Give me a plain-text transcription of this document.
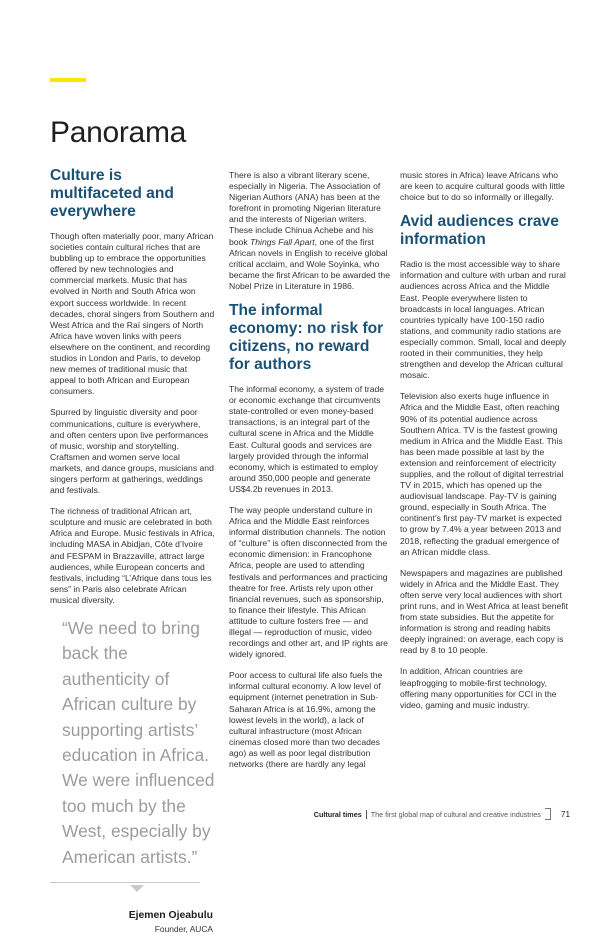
Panorama
Culture is multifaceted and everywhere

Though often materially poor, many African societies contain cultural riches that are bubbling up to embrace the opportunities offered by new technologies and commercial markets. Music that has evolved in North and South Africa won export success worldwide. In recent decades, choral singers from Southern and West Africa and the Raï singers of North Africa have woven links with peers elsewhere on the continent, and recording studios in London and Paris, to develop new memes of traditional music that appeal to both African and European consumers.

Spurred by linguistic diversity and poor communications, culture is everywhere, and often centers upon live performances of music, worship and storytelling. Craftsmen and women serve local markets, and dance groups, musicians and singers perform at gatherings, weddings and festivals.

The richness of traditional African art, sculpture and music are celebrated in both Africa and Europe. Music festivals in Africa, including MASA in Abidjan, Côte d’Ivoire and FESPAM in Brazzaville, attract large audiences, while European concerts and festivals, including “L’Afrique dans tous les sens” in Paris also celebrate African musical diversity.

“We need to bring back the authenticity of African culture by supporting artists’ education in Africa. We were influenced too much by the West, especially by American artists.”
Ejemen Ojeabulu
Founder, AUCA

There is also a vibrant literary scene, especially in Nigeria. The Association of Nigerian Authors (ANA) has been at the forefront in promoting Nigerian literature and the interests of Nigerian writers. These include Chinua Achebe and his book Things Fall Apart, one of the first African novels in English to receive global critical acclaim, and Wole Soyinka, who became the first African to be awarded the Nobel Prize in Literature in 1986.

The informal economy: no risk for citizens, no reward for authors

The informal economy, a system of trade or economic exchange that circumvents state-controlled or even money-based transactions, is an integral part of the cultural scene in Africa and the Middle East. Cultural goods and services are largely provided through the informal economy, which is estimated to employ around 350,000 people and generate US$4.2b revenues in 2013.

The way people understand culture in Africa and the Middle East reinforces informal distribution channels. The notion of “culture” is often disconnected from the economic dimension: in Francophone Africa, people are used to attending festivals and performances and practicing theatre for free. Artists rely upon other financial revenues, such as sponsorship, to finance their lifestyle. This African attitude to culture fosters free — and illegal — reproduction of music, video recordings and other art, and IP rights are widely ignored.

Poor access to cultural life also fuels the informal cultural economy. A low level of equipment (internet penetration in Sub-Saharan Africa is at 16.9%, among the lowest levels in the world), a lack of cultural infrastructure (most African cinemas closed more than two decades ago) as well as poor legal distribution networks (there are hardly any legal

music stores in Africa) leave Africans who are keen to acquire cultural goods with little choice but to do so informally or illegally.

Avid audiences crave information

Radio is the most accessible way to share information and culture with urban and rural audiences across Africa and the Middle East. People everywhere listen to broadcasts in local languages. African countries typically have 100-150 radio stations, and community radio stations are especially common. Small, local and deeply rooted in their communities, they help strengthen and develop the African cultural mosaic.

Television also exerts huge influence in Africa and the Middle East, often reaching 90% of its potential audience across Southern Africa. TV is the fastest growing medium in Africa and the Middle East. This has been made possible at last by the extension and reinforcement of electricity supplies, and the rollout of digital terrestrial TV in 2015, which has opened up the audiovisual landscape. Pay-TV is gaining ground, especially in South Africa. The continent’s first pay-TV market is expected to grow by 7.4% a year between 2013 and 2018, reflecting the gradual emergence of an African middle class.

Newspapers and magazines are published widely in Africa and the Middle East. They often serve very local audiences with short print runs, and in West Africa at least benefit from state subsidies. But the appetite for information is strong and reading habits deeply ingrained: on average, each copy is read by 8 to 10 people.

In addition, African countries are leapfrogging to mobile-first technology, offering many opportunities for CCI in the video, gaming and music industry.

Cultural times The first global map of cultural and creative industries 71
